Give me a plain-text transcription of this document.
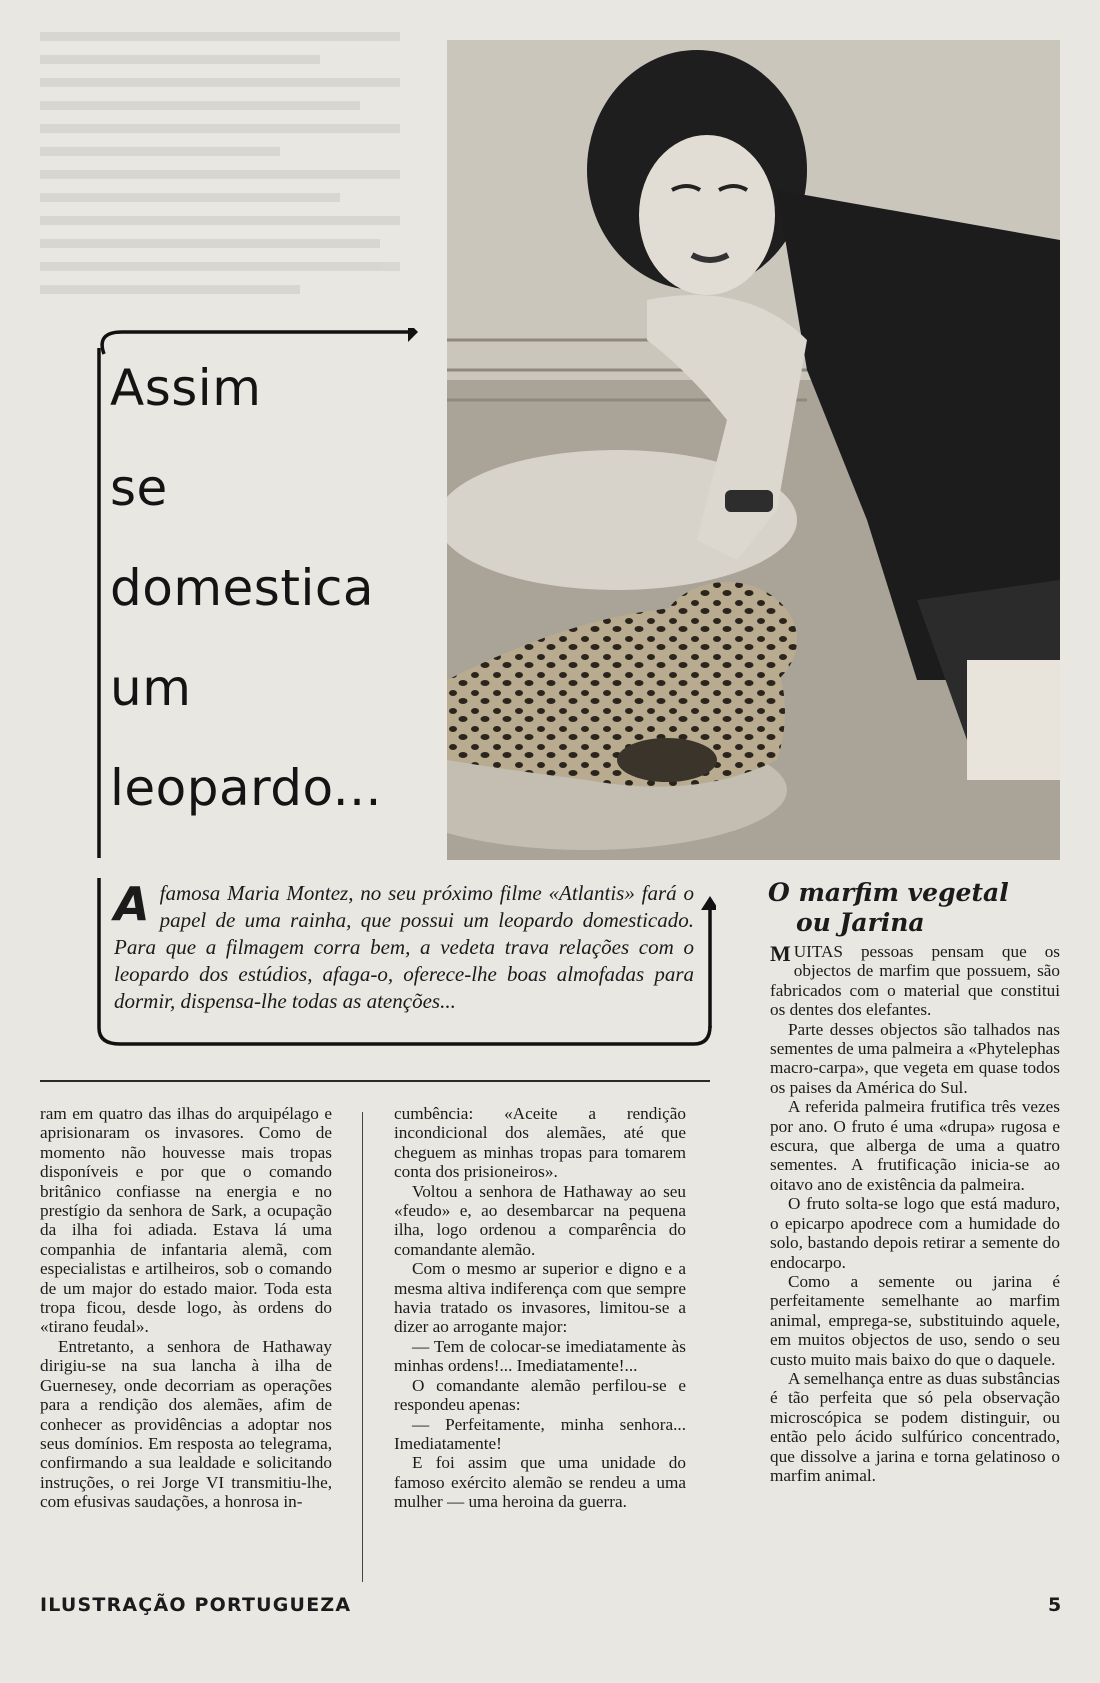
Assim
se
domestica
um
leopardo...
A famosa Maria Montez, no seu próximo filme «Atlantis» fará o papel de uma rainha, que possui um leopardo domesticado. Para que a filmagem corra bem, a vedeta trava relações com o leopardo dos estúdios, afaga-o, oferece-lhe boas almofadas para dormir, dispensa-lhe todas as atenções...

ram em quatro das ilhas do arquipélago e aprisionaram os invasores. Como de momento não houvesse mais tropas disponíveis e por que o comando britânico confiasse na energia e no prestígio da senhora de Sark, a ocupação da ilha foi adiada. Estava lá uma companhia de infantaria alemã, com especialistas e artilheiros, sob o comando de um major do estado maior. Toda esta tropa ficou, desde logo, às ordens do «tirano feudal».

Entretanto, a senhora de Hathaway dirigiu-se na sua lancha à ilha de Guernesey, onde decorriam as operações para a rendição dos alemães, afim de conhecer as providências a adoptar nos seus domínios. Em resposta ao telegrama, confirmando a sua lealdade e solicitando instruções, o rei Jorge VI transmitiu-lhe, com efusivas saudações, a honrosa in-

cumbência: «Aceite a rendição incondicional dos alemães, até que cheguem as minhas tropas para tomarem conta dos prisioneiros».

Voltou a senhora de Hathaway ao seu «feudo» e, ao desembarcar na pequena ilha, logo ordenou a comparência do comandante alemão.

Com o mesmo ar superior e digno e a mesma altiva indiferença com que sempre havia tratado os invasores, limitou-se a dizer ao arrogante major:

— Tem de colocar-se imediatamente às minhas ordens!... Imediatamente!...

O comandante alemão perfilou-se e respondeu apenas:

— Perfeitamente, minha senhora... Imediatamente!

E foi assim que uma unidade do famoso exército alemão se rendeu a uma mulher — uma heroina da guerra.

O marfim vegetal
ou Jarina

M UITAS pessoas pensam que os objectos de marfim que possuem, são fabricados com o material que constitui os dentes dos elefantes.

Parte desses objectos são talhados nas sementes de uma palmeira a «Phytelephas macro-carpa», que vegeta em quase todos os paises da América do Sul.

A referida palmeira frutifica três vezes por ano. O fruto é uma «drupa» rugosa e escura, que alberga de uma a quatro sementes. A frutificação inicia-se ao oitavo ano de existência da palmeira.

O fruto solta-se logo que está maduro, o epicarpo apodrece com a humidade do solo, bastando depois retirar a semente do endocarpo.

Como a semente ou jarina é perfeitamente semelhante ao marfim animal, emprega-se, substituindo aquele, em muitos objectos de uso, sendo o seu custo muito mais baixo do que o daquele.

A semelhança entre as duas substâncias é tão perfeita que só pela observação microscópica se podem distinguir, ou então pelo ácido sulfúrico concentrado, que dissolve a jarina e torna gelatinoso o marfim animal.

ILUSTRAÇÃO PORTUGUEZA	5
